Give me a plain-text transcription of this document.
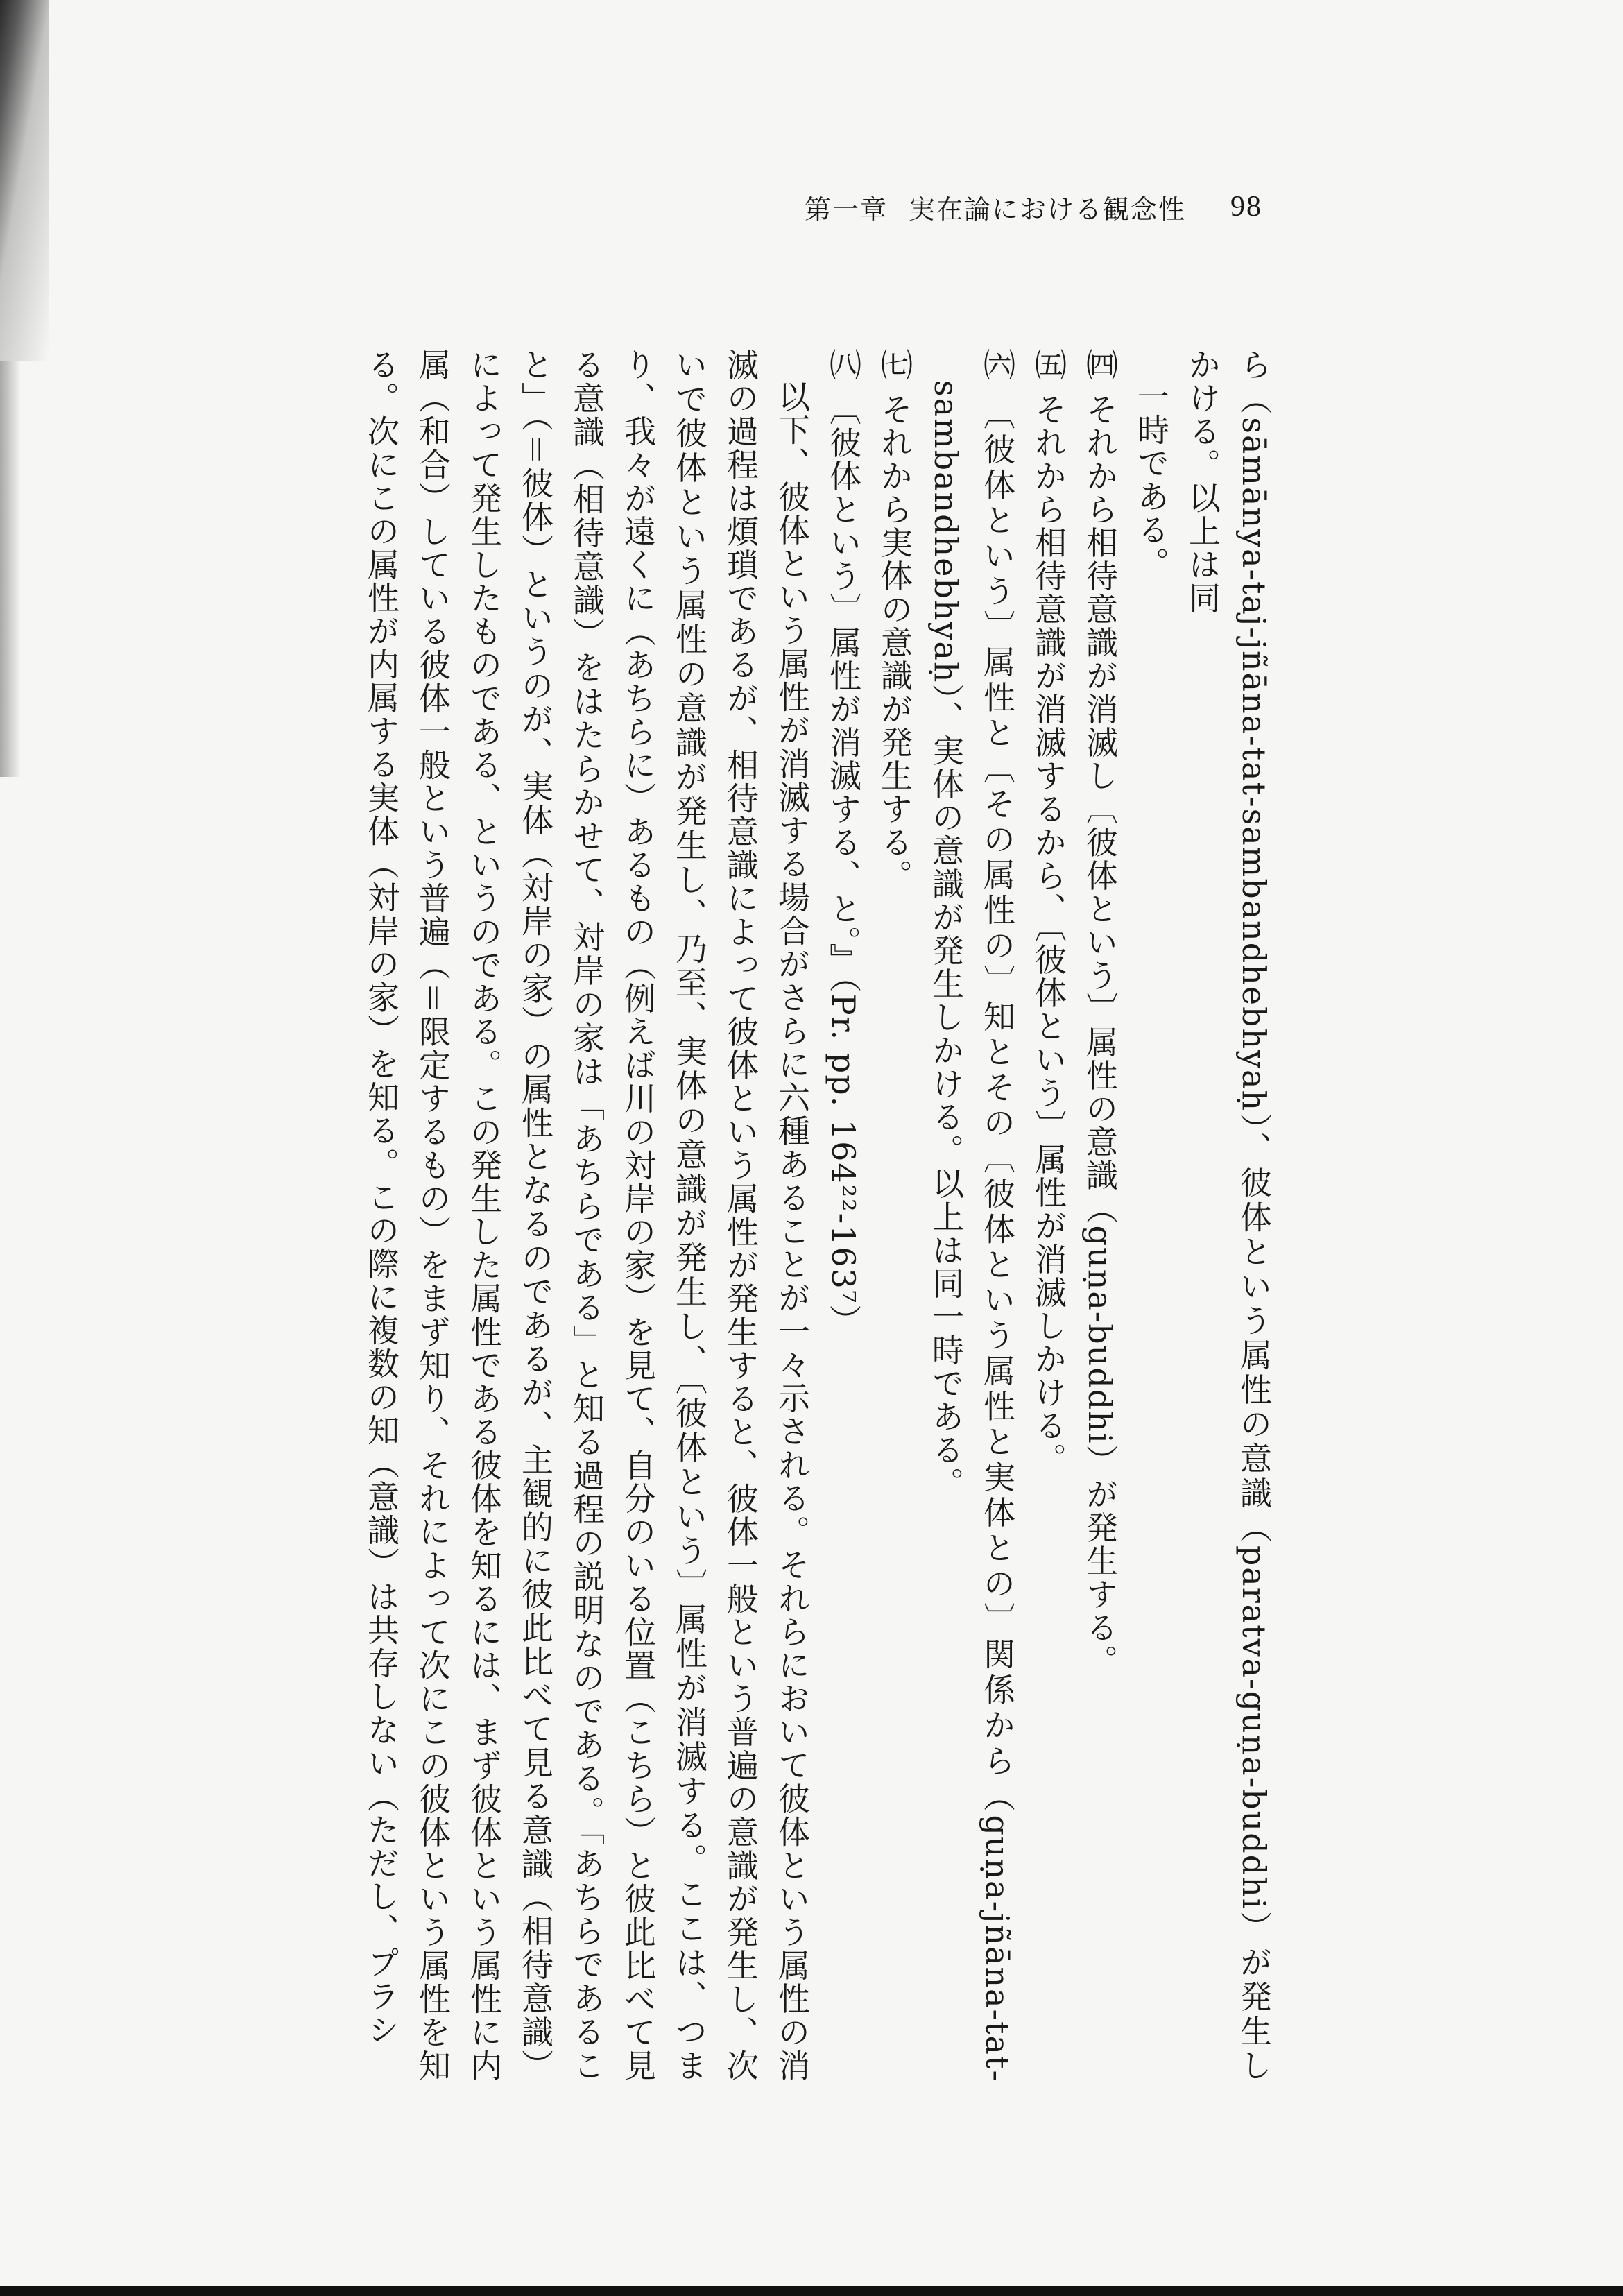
第一章 実在論における観念性 98

ら（sāmānya-taj-jñāna-tat-sambandhebhyaḥ）、彼体という属性の意識（paratva-guṇa-buddhi）が発生しかける。以上は同

一時である。

㈣ それから相待意識が消滅し〔彼体という〕属性の意識（guṇa-buddhi）が発生する。

㈤ それから相待意識が消滅するから、〔彼体という〕属性が消滅しかける。

㈥ 〔彼体という〕属性と〔その属性の〕知とその〔彼体という属性と実体との〕関係から（guṇa-jñāna-tat-sambandhebhyaḥ）、実体の意識が発生しかける。以上は同一時である。

㈦ それから実体の意識が発生する。

㈧ 〔彼体という〕属性が消滅する、と。』（Pr. pp. 164²²-163⁷）

以下、彼体という属性が消滅する場合がさらに六種あることが一々示される。それらにおいて彼体という属性の消滅の過程は煩瑣であるが、相待意識によって彼体という属性が発生すると、彼体一般という普遍の意識が発生し、次いで彼体という属性の意識が発生し、乃至、実体の意識が発生し、〔彼体という〕属性が消滅する。ここは、つまり、我々が遠くに（あちらに）あるもの（例えば川の対岸の家）を見て、自分のいる位置（こちら）と彼此比べて見る意識（相待意識）をはたらかせて、対岸の家は「あちらである」と知る過程の説明なのである。「あちらであること」（＝彼体）というのが、実体（対岸の家）の属性となるのであるが、主観的に彼此比べて見る意識（相待意識）によって発生したものである、というのである。この発生した属性である彼体を知るには、まず彼体という属性に内属（和合）している彼体一般という普遍（＝限定するもの）をまず知り、それによって次にこの彼体という属性を知る。次にこの属性が内属する実体（対岸の家）を知る。この際に複数の知（意識）は共存しない（ただし、プラシ
